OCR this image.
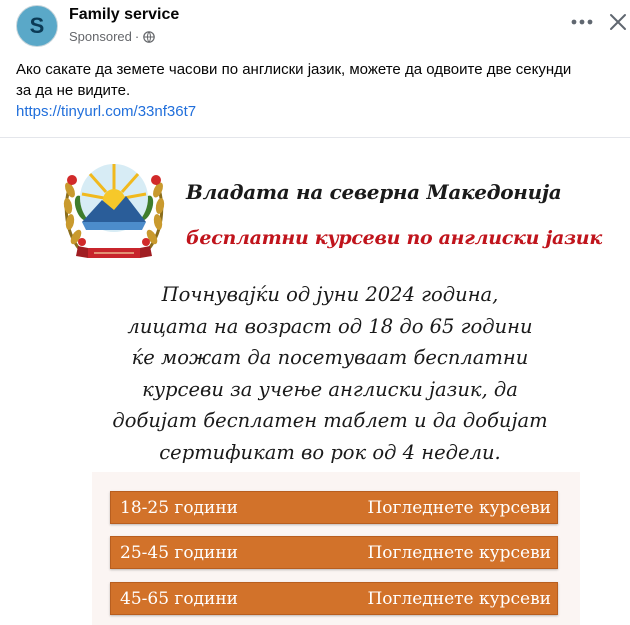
S Family service
Sponsored ·
Ако сакате да земете часови по англиски јазик, можете да одвоите две секунди
за да не видите.
https://tinyurl.com/33nf36t7
Владата на северна Македонија
бесплатни курсеви по англиски јазик
Почнувајќи од јуни 2024 година,
лицата на возраст од 18 до 65 години
ќе можат да посетуваат бесплатни
курсеви за учење англиски јазик, да
добијат бесплатен таблет и да добијат
сертификат во рок од 4 недели.
18-25 години	Погледнете курсеви
25-45 години	Погледнете курсеви
45-65 години	Погледнете курсеви
